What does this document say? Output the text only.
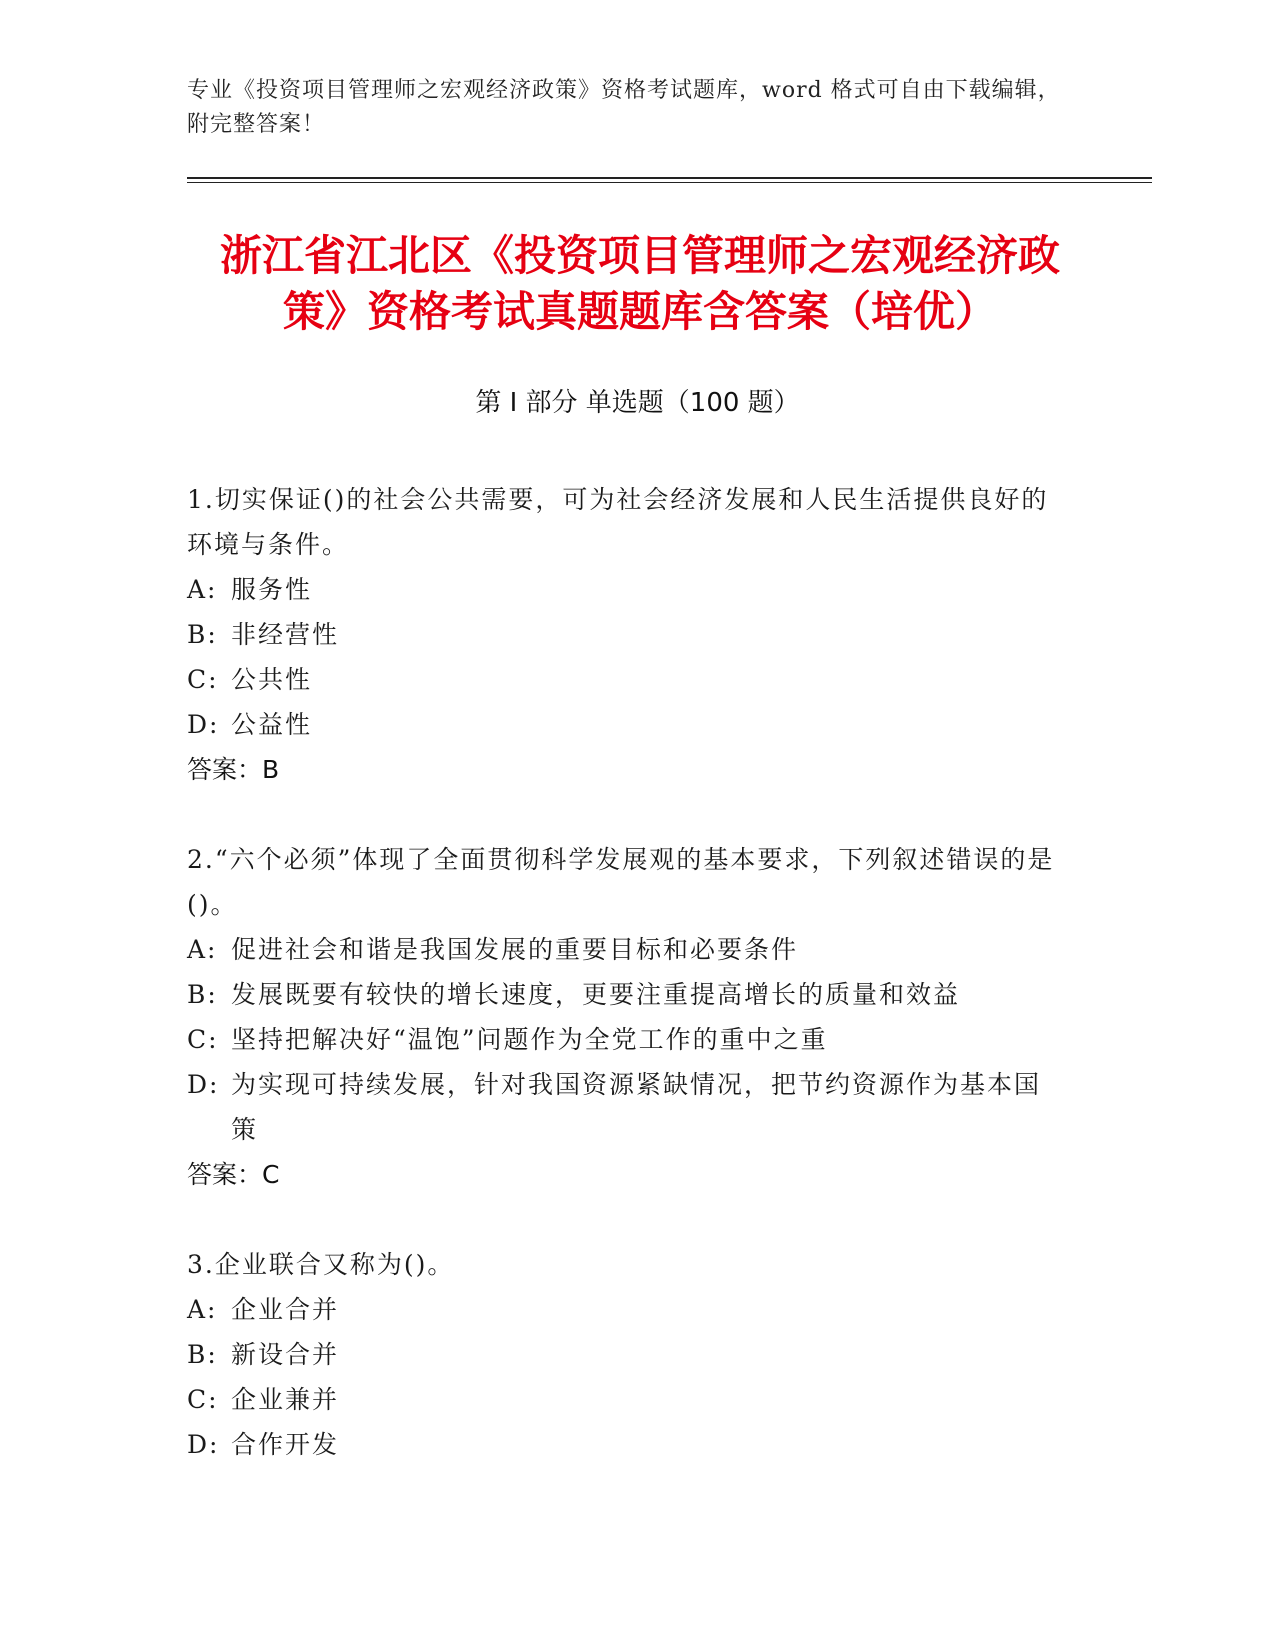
专业《投资项目管理师之宏观经济政策》资格考试题库，word 格式可自由下载编辑，附完整答案！
浙江省江北区《投资项目管理师之宏观经济政策》资格考试真题题库含答案（培优）
第 I 部分 单选题（100 题）
1.切实保证()的社会公共需要，可为社会经济发展和人民生活提供良好的环境与条件。
A: 服务性
B: 非经营性
C: 公共性
D: 公益性
答案：B
2.“六个必须”体现了全面贯彻科学发展观的基本要求，下列叙述错误的是()。
A: 促进社会和谐是我国发展的重要目标和必要条件
B: 发展既要有较快的增长速度，更要注重提高增长的质量和效益
C: 坚持把解决好“温饱”问题作为全党工作的重中之重
D: 为实现可持续发展，针对我国资源紧缺情况，把节约资源作为基本国策
答案：C
3.企业联合又称为()。
A: 企业合并
B: 新设合并
C: 企业兼并
D: 合作开发
